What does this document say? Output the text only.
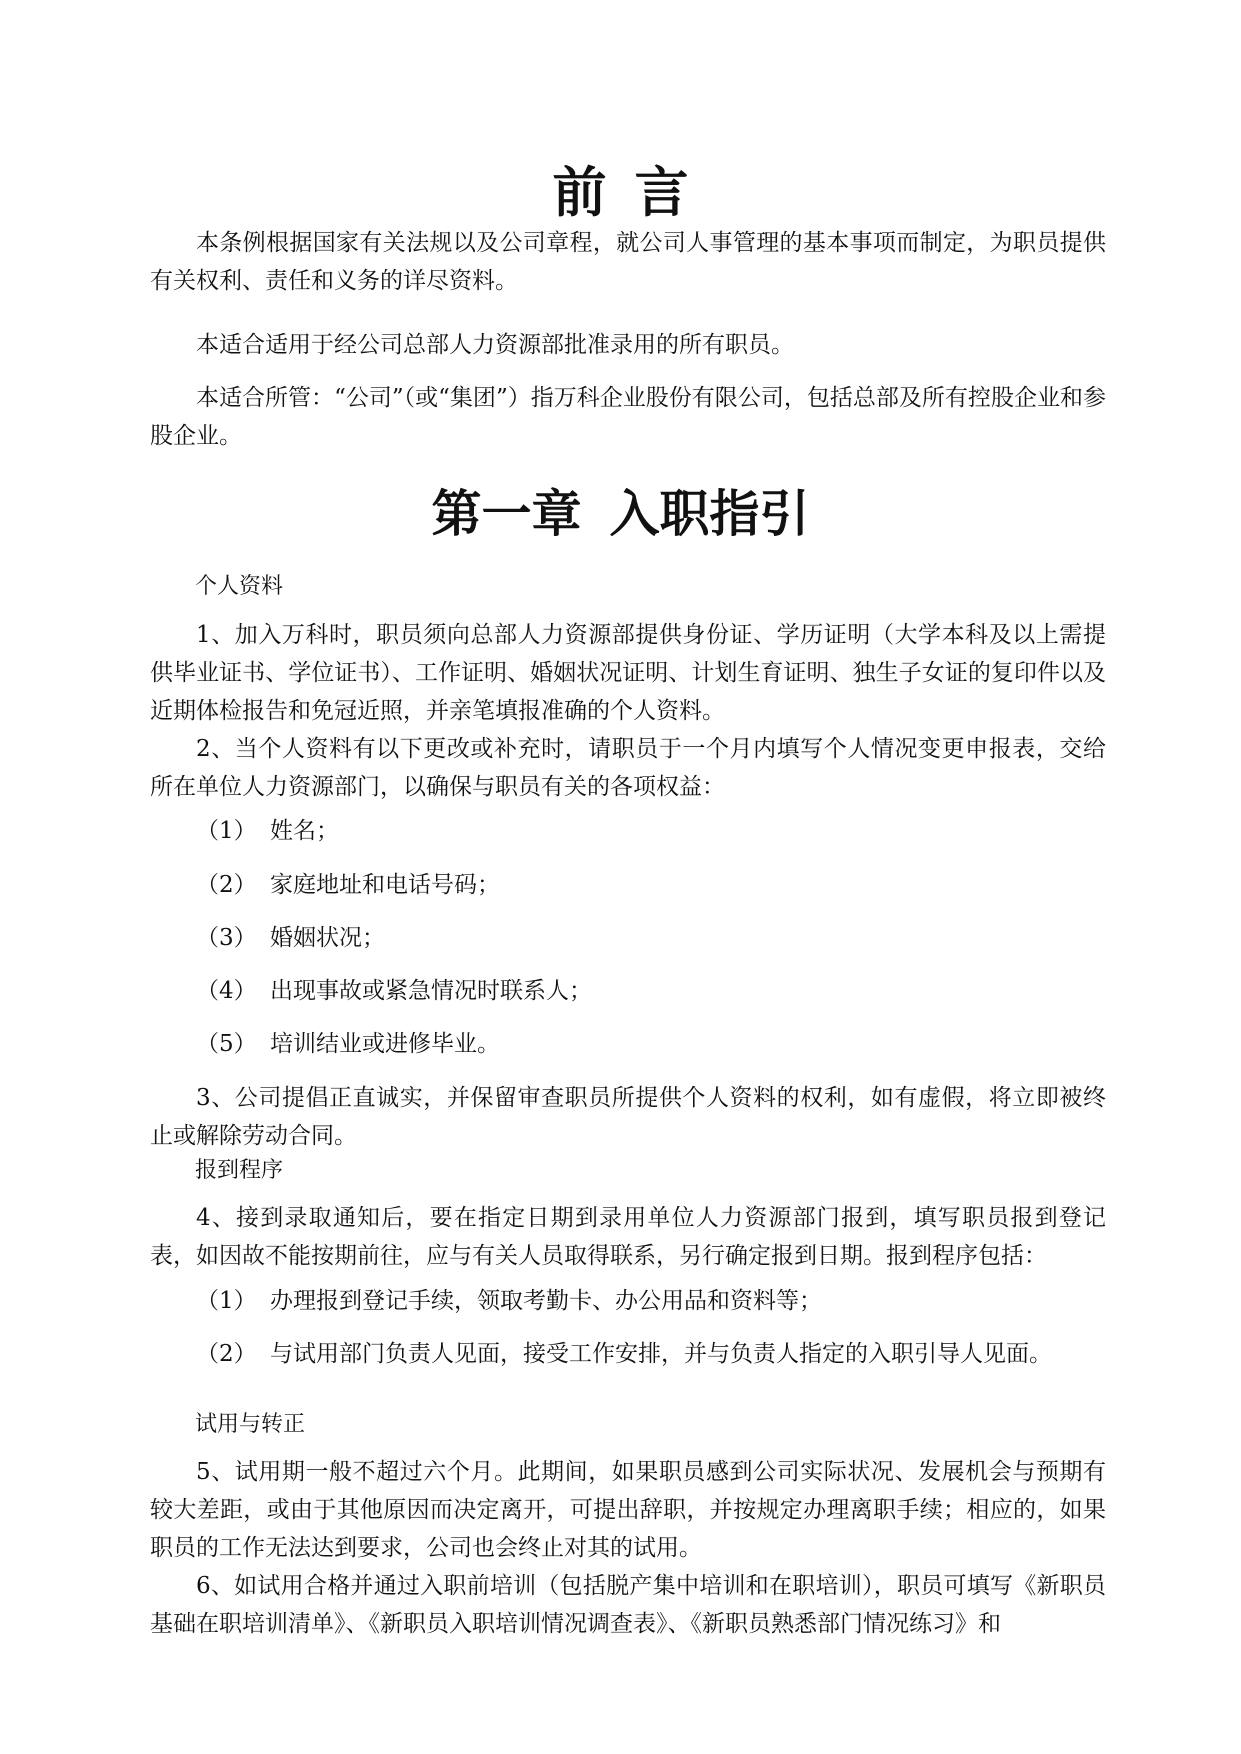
前言

本条例根据国家有关法规以及公司章程，就公司人事管理的基本事项而制定，为职员提供有关权利、责任和义务的详尽资料。

本适合适用于经公司总部人力资源部批准录用的所有职员。

本适合所管：“公司”（或“集团”）指万科企业股份有限公司，包括总部及所有控股企业和参股企业。

第一章 入职指引
个人资料

1、加入万科时，职员须向总部人力资源部提供身份证、学历证明（大学本科及以上需提供毕业证书、学位证书）、工作证明、婚姻状况证明、计划生育证明、独生子女证的复印件以及近期体检报告和免冠近照，并亲笔填报准确的个人资料。

2、当个人资料有以下更改或补充时，请职员于一个月内填写个人情况变更申报表，交给所在单位人力资源部门，以确保与职员有关的各项权益：

（1） 姓名；

（2） 家庭地址和电话号码；

（3） 婚姻状况；

（4） 出现事故或紧急情况时联系人；

（5） 培训结业或进修毕业。

3、公司提倡正直诚实，并保留审查职员所提供个人资料的权利，如有虚假，将立即被终止或解除劳动合同。

报到程序

4、接到录取通知后，要在指定日期到录用单位人力资源部门报到，填写职员报到登记表，如因故不能按期前往，应与有关人员取得联系，另行确定报到日期。报到程序包括：

（1） 办理报到登记手续，领取考勤卡、办公用品和资料等；

（2） 与试用部门负责人见面，接受工作安排，并与负责人指定的入职引导人见面。

试用与转正

5、试用期一般不超过六个月。此期间，如果职员感到公司实际状况、发展机会与预期有较大差距，或由于其他原因而决定离开，可提出辞职，并按规定办理离职手续；相应的，如果职员的工作无法达到要求，公司也会终止对其的试用。

6、如试用合格并通过入职前培训（包括脱产集中培训和在职培训），职员可填写《新职员基础在职培训清单》、《新职员入职培训情况调查表》、《新职员熟悉部门情况练习》和
